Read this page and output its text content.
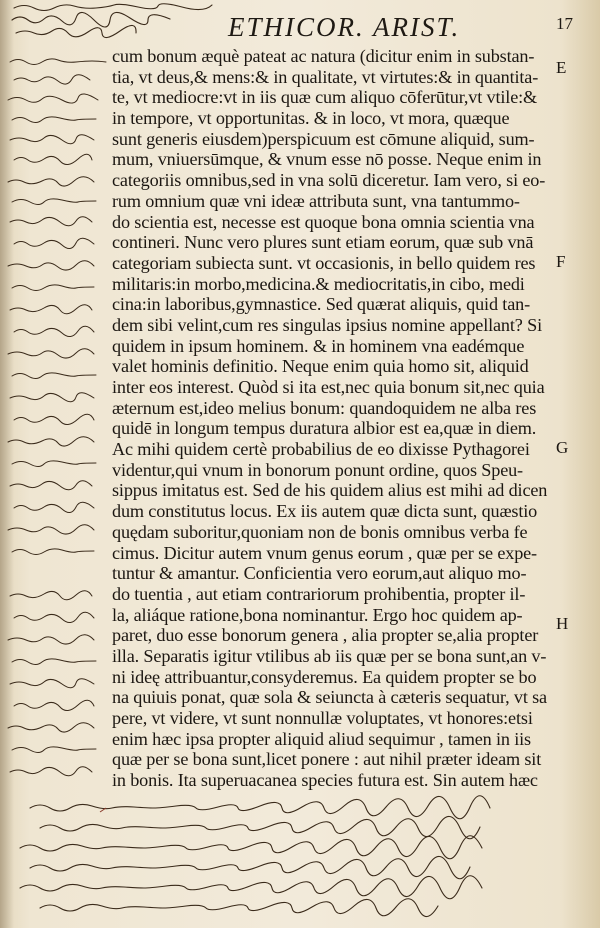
ETHICOR. ARIST.	17
cum bonum æquè pateat ac natura (dicitur enim in substan-
tia, vt deus,& mens:& in qualitate, vt virtutes:& in quantita-
te, vt mediocre:vt in iis quæ cum aliquo cōferūtur,vt vtile:&
in tempore, vt opportunitas. & in loco, vt mora, quæque
sunt generis eiusdem)perspicuum est cōmune aliquid, sum-
mum, vniuersūmque, & vnum esse nō posse. Neque enim in
categoriis omnibus,sed in vna solū diceretur. Iam vero, si eo-
rum omnium quæ vni ideæ attributa sunt, vna tantummo-
do scientia est, necesse est quoque bona omnia scientia vna
contineri. Nunc vero plures sunt etiam eorum, quæ sub vnā
categoriam subiecta sunt. vt occasionis, in bello quidem res
militaris:in morbo,medicina.& mediocritatis,in cibo, medi
cina:in laboribus,gymnastice. Sed quærat aliquis, quid tan-
dem sibi velint,cum res singulas ipsius nomine appellant? Si
quidem in ipsum hominem. & in hominem vna eadémque
valet hominis definitio. Neque enim quia homo sit, aliquid
inter eos interest. Quòd si ita est,nec quia bonum sit,nec quia
æternum est,ideo melius bonum: quandoquidem ne alba res
quidē in longum tempus duratura albior est ea,quæ in diem.
Ac mihi quidem certè probabilius de eo dixisse Pythagorei
videntur,qui vnum in bonorum ponunt ordine, quos Speu-
sippus imitatus est. Sed de his quidem alius est mihi ad dicen
dum constitutus locus. Ex iis autem quæ dicta sunt, quæstio
quędam suboritur,quoniam non de bonis omnibus verba fe
cimus. Dicitur autem vnum genus eorum , quæ per se expe-
tuntur & amantur. Conficientia vero eorum,aut aliquo mo-
do tuentia , aut etiam contrariorum prohibentia, propter il-
la, aliáque ratione,bona nominantur. Ergo hoc quidem ap-
paret, duo esse bonorum genera , alia propter se,alia propter
illa. Separatis igitur vtilibus ab iis quæ per se bona sunt,an v-
ni ideę attribuantur,consyderemus. Ea quidem propter se bo
na quiuis ponat, quæ sola & seiuncta à cæteris sequatur, vt sa
pere, vt videre, vt sunt nonnullæ voluptates, vt honores:etsi
enim hæc ipsa propter aliquid aliud sequimur , tamen in iis
quæ per se bona sunt,licet ponere : aut nihil præter ideam sit
in bonis. Ita superuacanea species futura est. Sin autem hæc
E
F
G
H
